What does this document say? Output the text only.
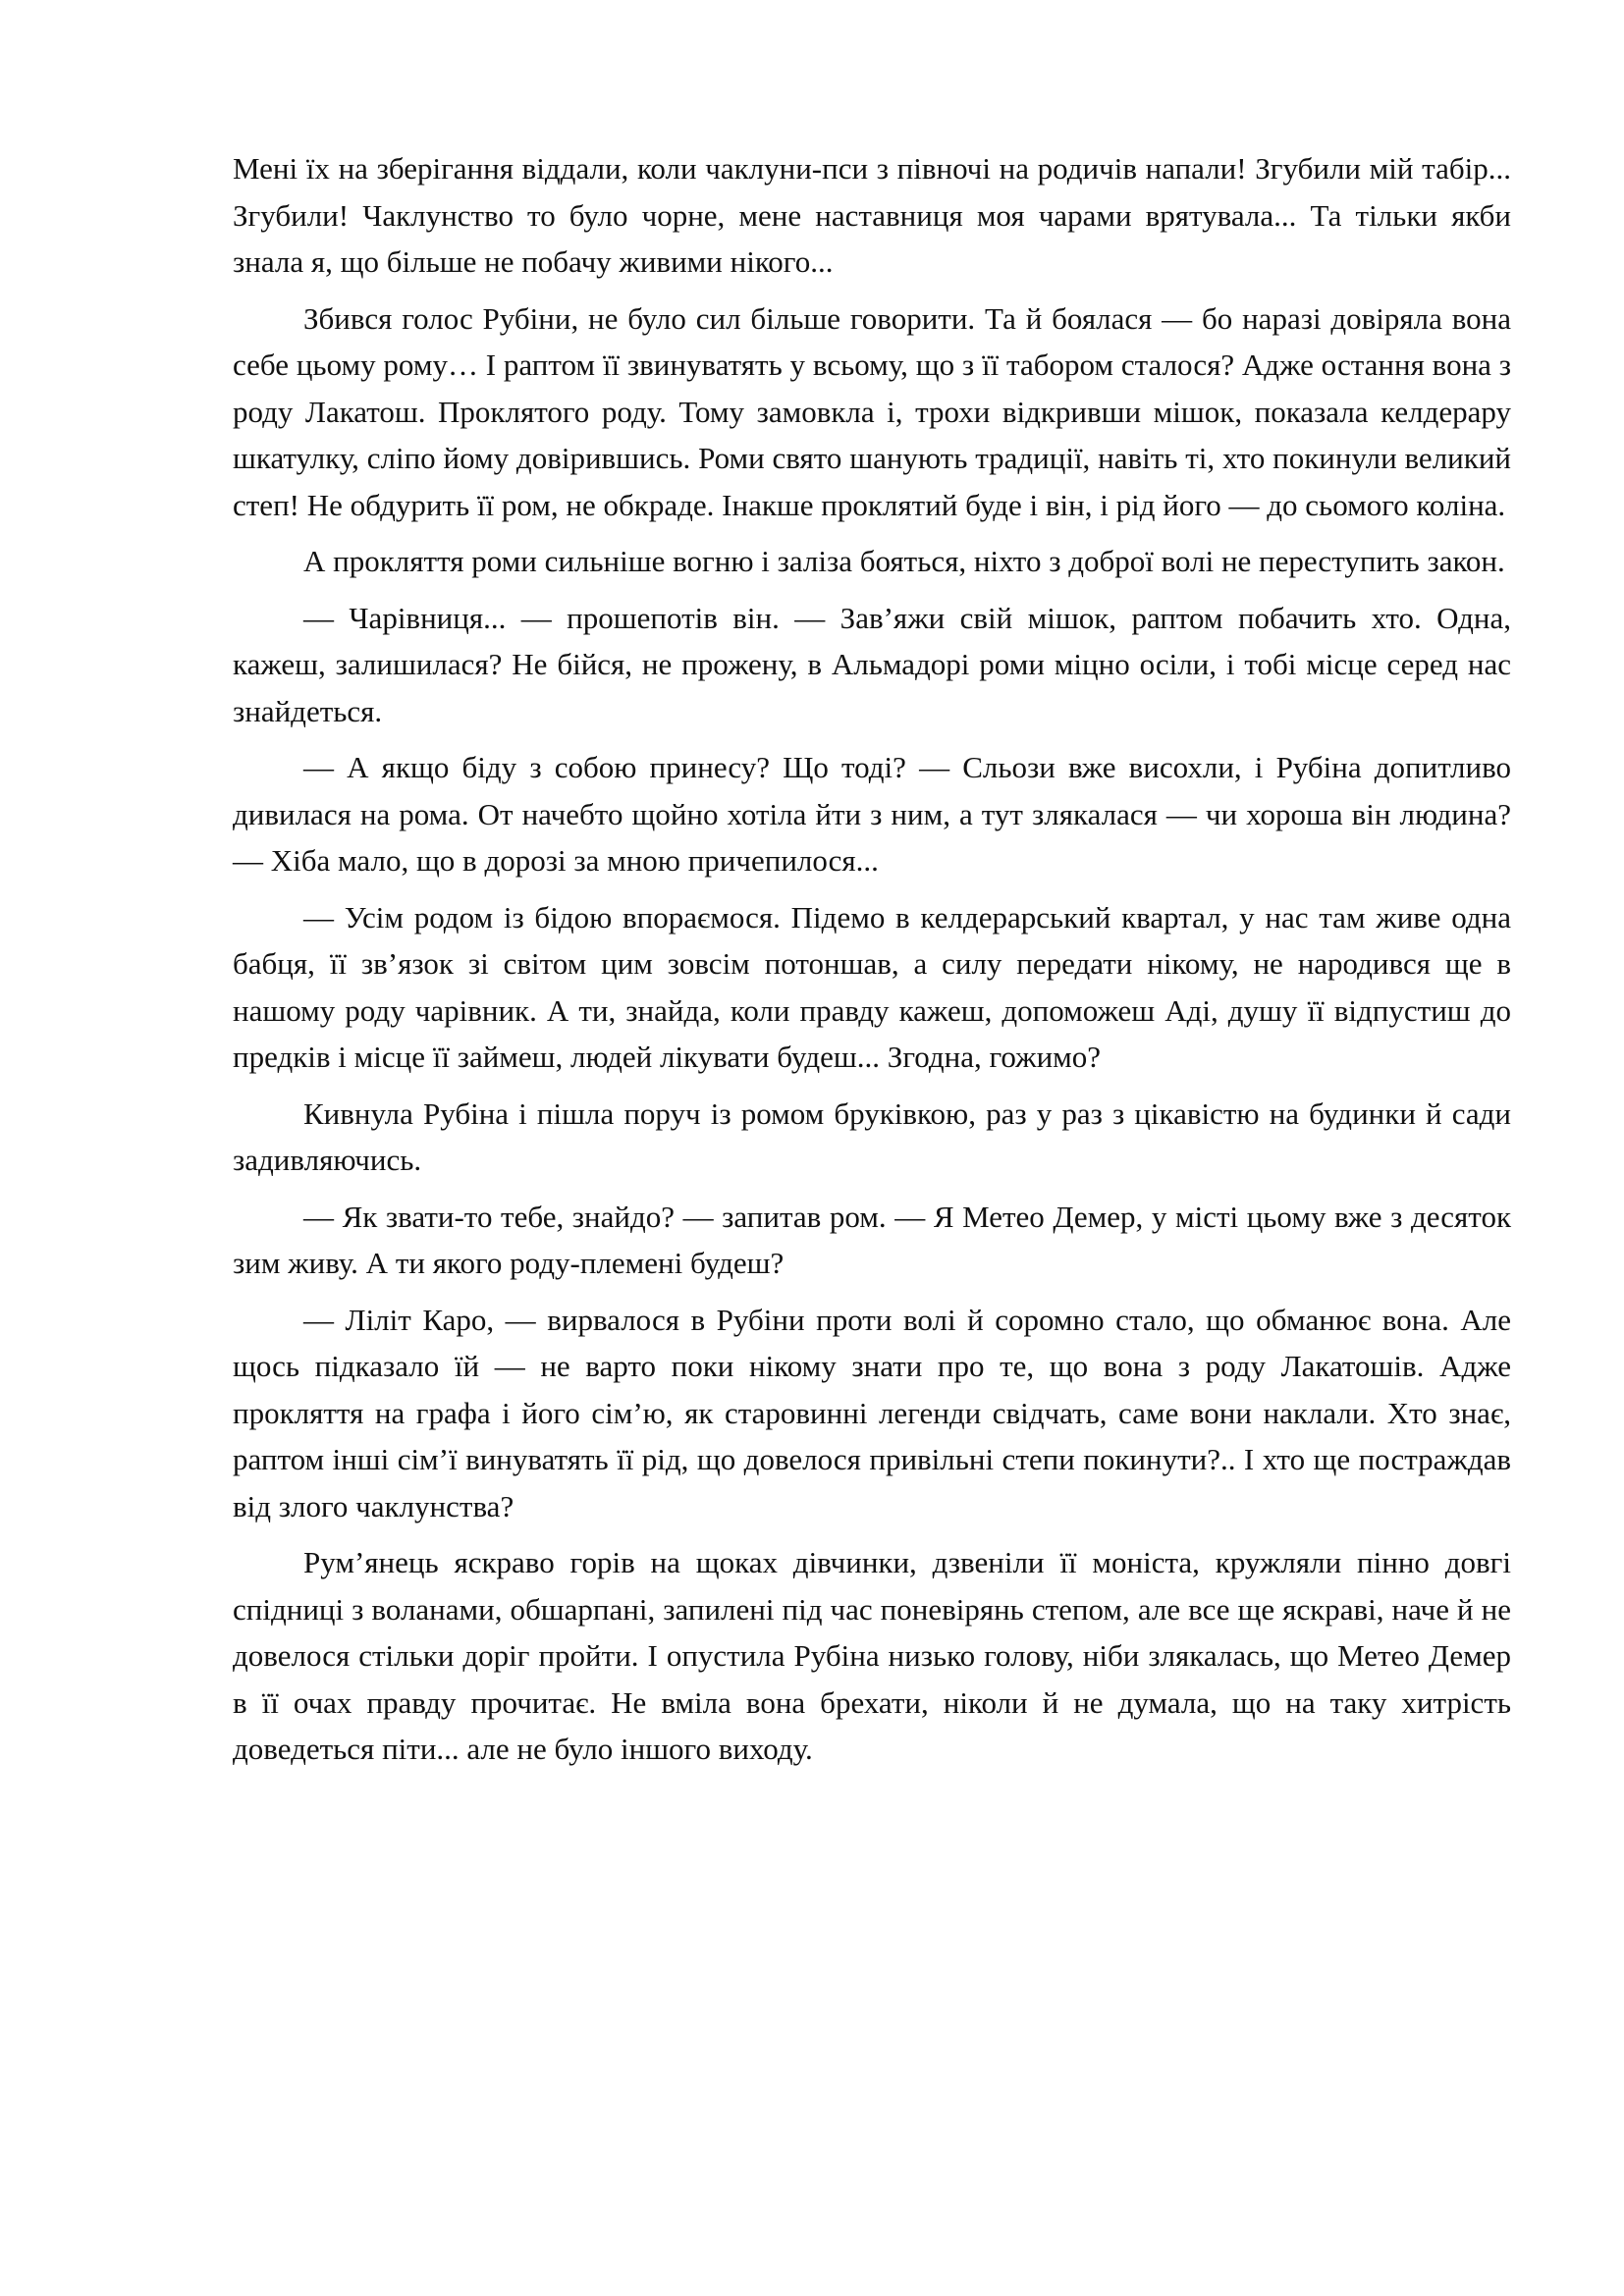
Мені їх на зберігання віддали, коли чаклуни-пси з півночі на родичів напали! Згубили мій табір... Згубили! Чаклунство то було чорне, мене наставниця моя чарами врятувала... Та тільки якби знала я, що більше не побачу живими нікого...

Збився голос Рубіни, не було сил більше говорити. Та й боялася — бо наразі довіряла вона себе цьому рому… І раптом її звинуватять у всьому, що з її табором сталося? Адже остання вона з роду Лакатош. Проклятого роду. Тому замовкла і, трохи відкривши мішок, показала келдерару шкатулку, сліпо йому довірившись. Роми свято шанують традиції, навіть ті, хто покинули великий степ! Не обдурить її ром, не обкраде. Інакше проклятий буде і він, і рід його — до сьомого коліна.

А прокляття роми сильніше вогню і заліза бояться, ніхто з доброї волі не переступить закон.

— Чарівниця... — прошепотів він. — Зав’яжи свій мішок, раптом побачить хто. Одна, кажеш, залишилася? Не бійся, не прожену, в Альмадорі роми міцно осіли, і тобі місце серед нас знайдеться.

— А якщо біду з собою принесу? Що тоді? — Сльози вже висохли, і Рубіна допитливо дивилася на рома. От начебто щойно хотіла йти з ним, а тут злякалася — чи хороша він людина? — Хіба мало, що в дорозі за мною причепилося...

— Усім родом із бідою впораємося. Підемо в келдерарський квартал, у нас там живе одна бабця, її зв’язок зі світом цим зовсім потоншав, а силу передати нікому, не народився ще в нашому роду чарівник. А ти, знайда, коли правду кажеш, допоможеш Аді, душу її відпустиш до предків і місце її займеш, людей лікувати будеш... Згодна, гожимо?

Кивнула Рубіна і пішла поруч із ромом бруківкою, раз у раз з цікавістю на будинки й сади задивляючись.

— Як звати-то тебе, знайдо? — запитав ром. — Я Метео Демер, у місті цьому вже з десяток зим живу. А ти якого роду-племені будеш?

— Ліліт Каро, — вирвалося в Рубіни проти волі й соромно стало, що обманює вона. Але щось підказало їй — не варто поки нікому знати про те, що вона з роду Лакатошів. Адже прокляття на графа і його сім’ю, як старовинні легенди свідчать, саме вони наклали. Хто знає, раптом інші сім’ї винуватять її рід, що довелося привільні степи покинути?.. І хто ще постраждав від злого чаклунства?

Рум’янець яскраво горів на щоках дівчинки, дзвеніли її моніста, кружляли пінно довгі спідниці з воланами, обшарпані, запилені під час поневірянь степом, але все ще яскраві, наче й не довелося стільки доріг пройти. І опустила Рубіна низько голову, ніби злякалась, що Метео Демер в її очах правду прочитає. Не вміла вона брехати, ніколи й не думала, що на таку хитрість доведеться піти... але не було іншого виходу.
